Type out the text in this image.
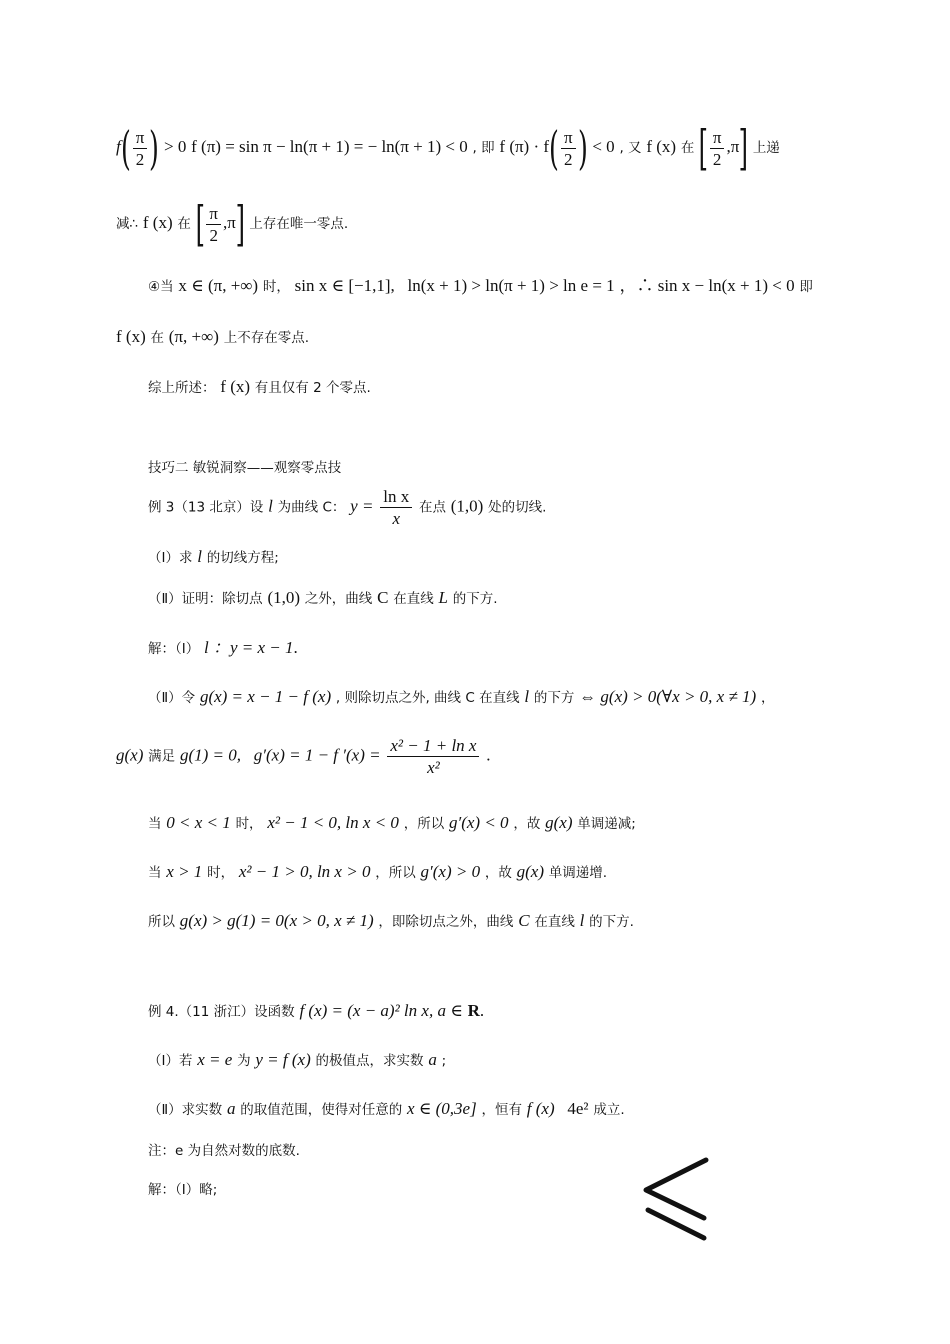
$f( \frac{\pi}{2}$ ) > 0 f (π) = sin π − ln(π + 1) = − ln(π + 1) < 0 , 即 f $(\pi) \cdot f( \frac{\pi}{2}$ ) < 0 , 又 f (x) 在 [ $\frac{\pi}{2} ,\pi$] 上递
减∴ f (x) 在 [ $\frac{\pi}{2} ,\pi$] 上存在唯一零点.
④当 x ∈ (π, +∞) 时， sin x ∈ [−1,1], ln(x + 1) > ln(π + 1) > ln e = 1 ，∴ sin x − ln(x + 1) < 0 即
f (x) 在 (π, +∞) 上不存在零点.
综上所述： f (x) 有且仅有 2 个零点.
技巧二 敏锐洞察——观察零点技
例 3（13 北京）设 l 为曲线 C： $y = \frac{\text{ln x}}{x}$ 在点 (1,0) 处的切线.
（Ⅰ）求 l 的切线方程;
（Ⅱ）证明：除切点 (1,0) 之外，曲线 C 在直线 L 的下方.
解：（Ⅰ） l ：y = x − 1.
（Ⅱ）令 g(x) = x − 1 − f (x) , 则除切点之外, 曲线 C 在直线 l 的下方 ⇔ g(x) > 0(∀x > 0, x ≠ 1) ，
g(x) 满足 g(1) = 0, g′(x) = 1 − f $'(x) = \frac{\text{x² − 1 + ln x}}{\text{x²}}$ .
当 0 < x < 1 时， x² − 1 < 0, ln x < 0 ，所以 g′(x) < 0 ，故 g(x) 单调递减;
当 x > 1 时， x² − 1 > 0, ln x > 0 ，所以 g′(x) > 0 ，故 g(x) 单调递增.
所以 g(x) > g(1) = 0(x > 0, x ≠ 1) ，即除切点之外，曲线 C 在直线 l 的下方.
例 4.（11 浙江）设函数 f (x) = (x − a)² ln x, a ∈ R.
（Ⅰ）若 x = e 为 y = f (x) 的极值点，求实数 a ;
（Ⅱ）求实数 a 的取值范围，使得对任意的 x ∈ (0,3e] ，恒有 f (x) 4e² 成立.
注：e 为自然对数的底数.
解：（Ⅰ）略;
